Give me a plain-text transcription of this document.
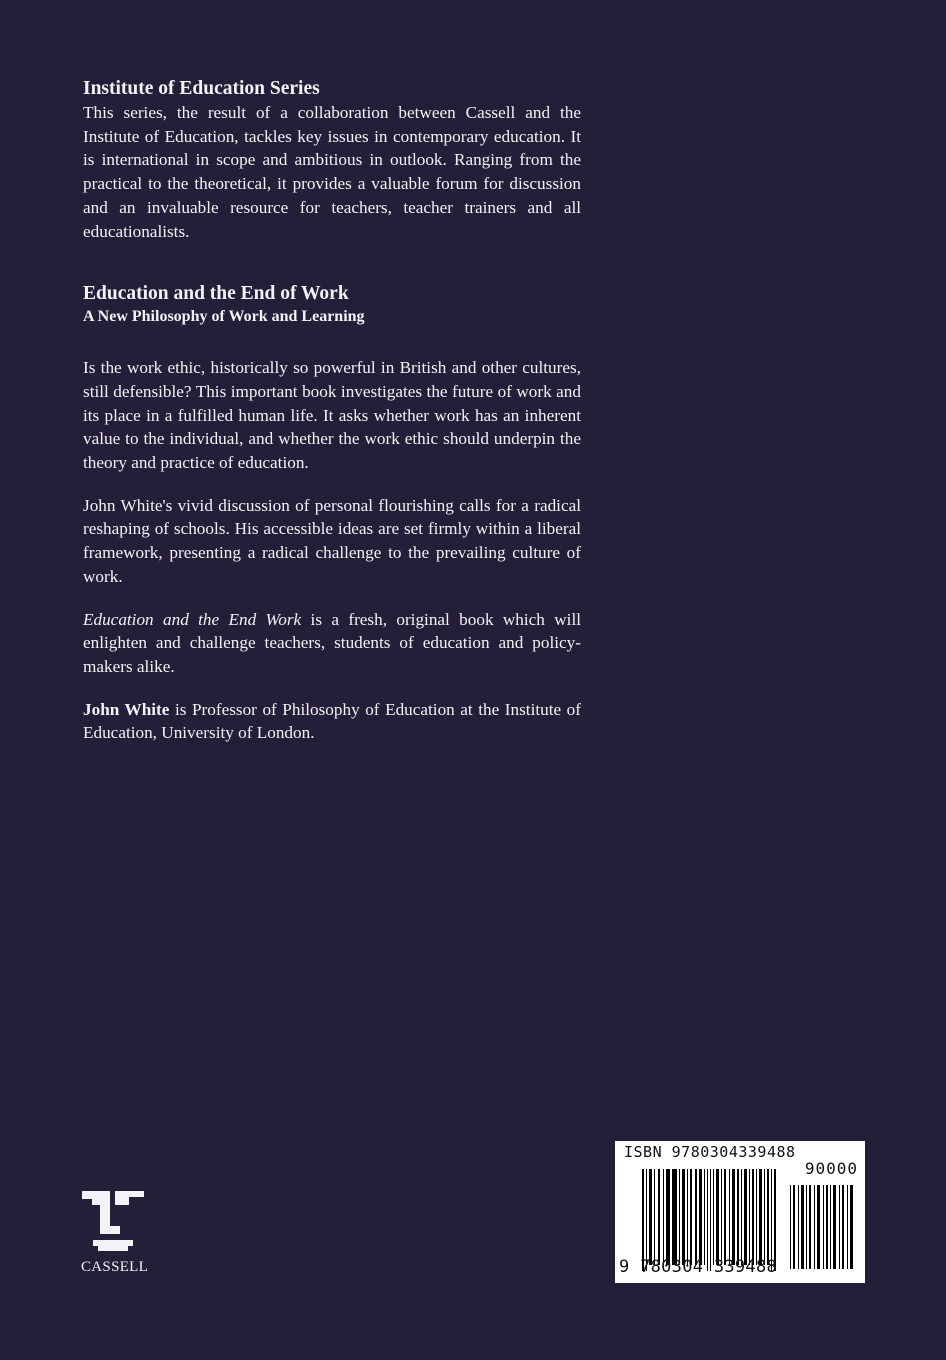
Institute of Education Series

This series, the result of a collaboration between Cassell and the Institute of Education, tackles key issues in contemporary education. It is international in scope and ambitious in outlook. Ranging from the practical to the theoretical, it provides a valuable forum for discussion and an invaluable resource for teachers, teacher trainers and all educationalists.

Education and the End of Work
A New Philosophy of Work and Learning

Is the work ethic, historically so powerful in British and other cultures, still defensible? This important book investigates the future of work and its place in a fulfilled human life. It asks whether work has an inherent value to the individual, and whether the work ethic should underpin the theory and practice of education.

John White's vivid discussion of personal flourishing calls for a radical reshaping of schools. His accessible ideas are set firmly within a liberal framework, presenting a radical challenge to the prevailing culture of work.

Education and the End Work is a fresh, original book which will enlighten and challenge teachers, students of education and policy-makers alike.

John White is Professor of Philosophy of Education at the Institute of Education, University of London.

CASSELL
ISBN 9780304339488
90000
9 780304 339488
